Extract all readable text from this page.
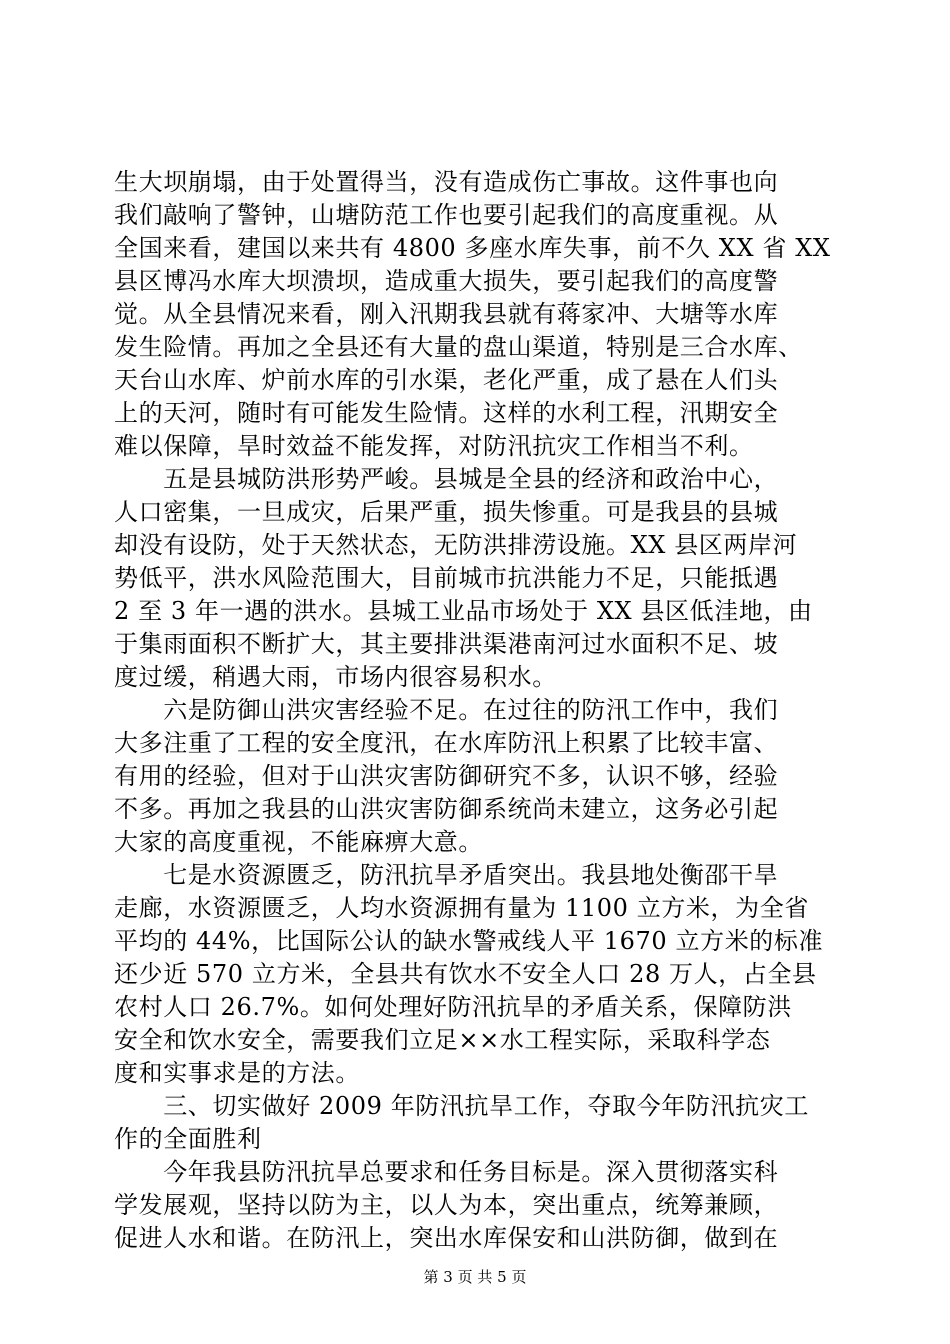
生大坝崩塌，由于处置得当，没有造成伤亡事故。这件事也向
我们敲响了警钟，山塘防范工作也要引起我们的高度重视。从
全国来看，建国以来共有 4800 多座水库失事，前不久 XX 省 XX
县区博冯水库大坝溃坝，造成重大损失，要引起我们的高度警
觉。从全县情况来看，刚入汛期我县就有蒋家冲、大塘等水库
发生险情。再加之全县还有大量的盘山渠道，特别是三合水库、
天台山水库、炉前水库的引水渠，老化严重，成了悬在人们头
上的天河，随时有可能发生险情。这样的水利工程，汛期安全
难以保障，旱时效益不能发挥，对防汛抗灾工作相当不利。
　　五是县城防洪形势严峻。县城是全县的经济和政治中心，
人口密集，一旦成灾，后果严重，损失惨重。可是我县的县城
却没有设防，处于天然状态，无防洪排涝设施。XX 县区两岸河
势低平，洪水风险范围大，目前城市抗洪能力不足，只能抵遇
2 至 3 年一遇的洪水。县城工业品市场处于 XX 县区低洼地，由
于集雨面积不断扩大，其主要排洪渠港南河过水面积不足、坡
度过缓，稍遇大雨，市场内很容易积水。
　　六是防御山洪灾害经验不足。在过往的防汛工作中，我们
大多注重了工程的安全度汛，在水库防汛上积累了比较丰富、
有用的经验，但对于山洪灾害防御研究不多，认识不够，经验
不多。再加之我县的山洪灾害防御系统尚未建立，这务必引起
大家的高度重视，不能麻痹大意。
　　七是水资源匮乏，防汛抗旱矛盾突出。我县地处衡邵干旱
走廊，水资源匮乏，人均水资源拥有量为 1100 立方米，为全省
平均的 44%，比国际公认的缺水警戒线人平 1670 立方米的标准
还少近 570 立方米，全县共有饮水不安全人口 28 万人，占全县
农村人口 26.7%。如何处理好防汛抗旱的矛盾关系，保障防洪
安全和饮水安全，需要我们立足××水工程实际，采取科学态
度和实事求是的方法。
　　三、切实做好 2009 年防汛抗旱工作，夺取今年防汛抗灾工
作的全面胜利
　　今年我县防汛抗旱总要求和任务目标是。深入贯彻落实科
学发展观，坚持以防为主，以人为本，突出重点，统筹兼顾，
促进人水和谐。在防汛上，突出水库保安和山洪防御，做到在
第 3 页 共 5 页
